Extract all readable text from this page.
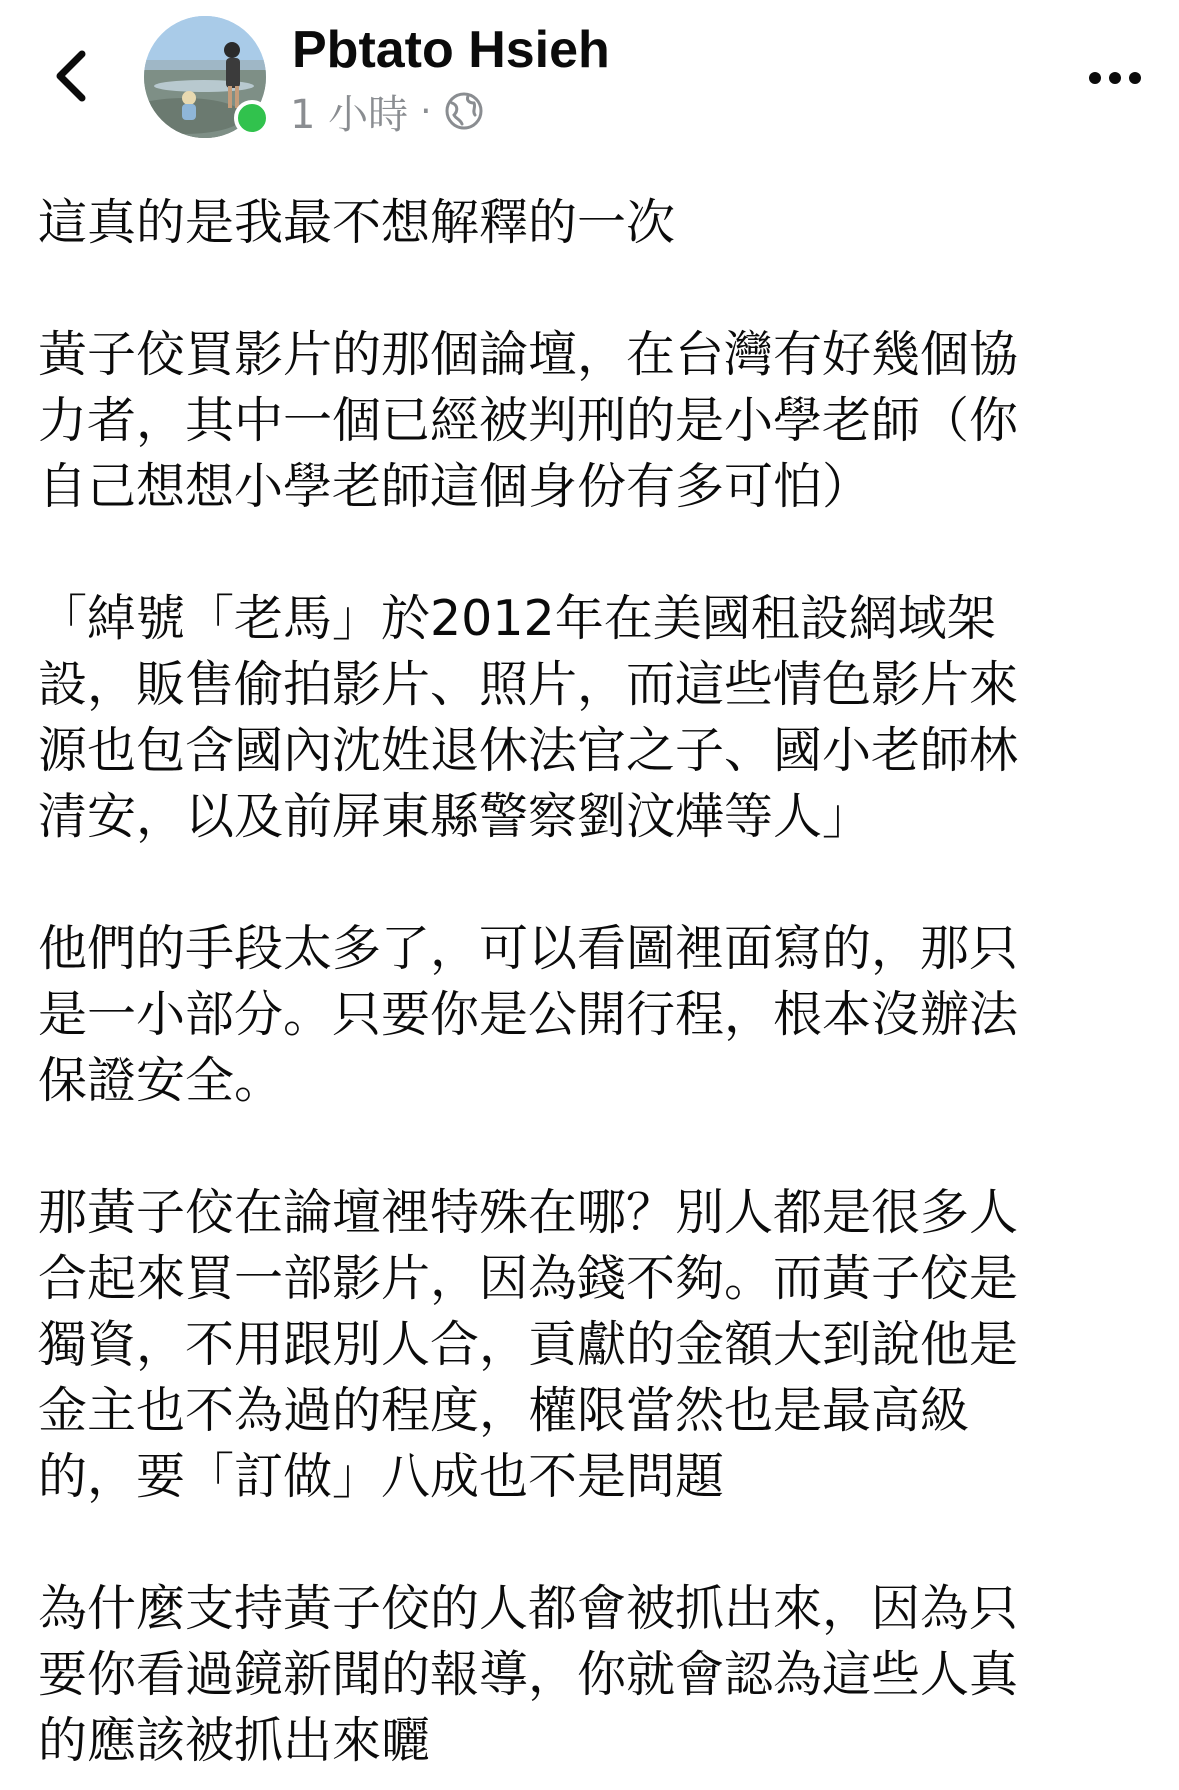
Pbtato Hsieh
1 小時 ·

這真的是我最不想解釋的一次

黃子佼買影片的那個論壇，在台灣有好幾個協
力者，其中一個已經被判刑的是小學老師（你
自己想想小學老師這個身份有多可怕）

「綽號「老馬」於2012年在美國租設網域架
設，販售偷拍影片、照片，而這些情色影片來
源也包含國內沈姓退休法官之子、國小老師林
清安，以及前屏東縣警察劉汶燁等人」

他們的手段太多了，可以看圖裡面寫的，那只
是一小部分。只要你是公開行程，根本沒辦法
保證安全。

那黃子佼在論壇裡特殊在哪？別人都是很多人
合起來買一部影片，因為錢不夠。而黃子佼是
獨資，不用跟別人合，貢獻的金額大到說他是
金主也不為過的程度，權限當然也是最高級
的，要「訂做」八成也不是問題

為什麼支持黃子佼的人都會被抓出來，因為只
要你看過鏡新聞的報導，你就會認為這些人真
的應該被抓出來曬
